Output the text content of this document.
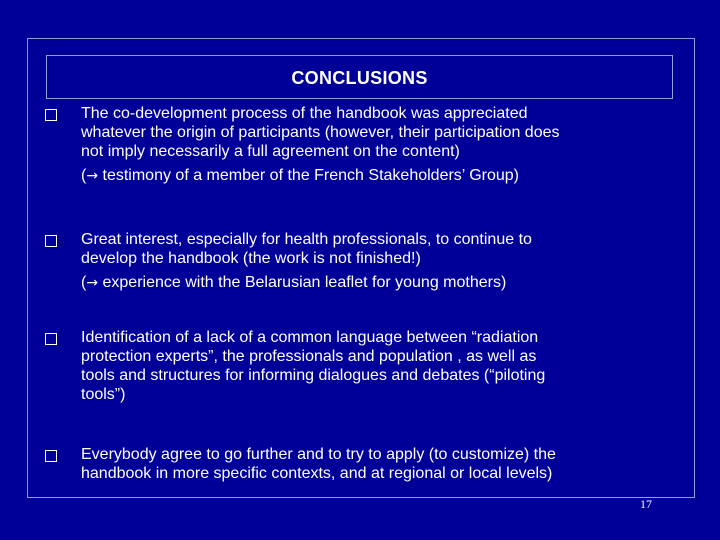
CONCLUSIONS

The co-development process of the handbook was appreciated
whatever the origin of participants (however, their participation does
not imply necessarily a full agreement on the content)
(→ testimony of a member of the French Stakeholders’ Group)

Great interest, especially for health professionals, to continue to
develop the handbook (the work is not finished!)
(→ experience with the Belarusian leaflet for young mothers)

Identification of a lack of a common language between “radiation
protection experts”, the professionals and population , as well as
tools and structures for informing dialogues and debates (“piloting
tools”)

Everybody agree to go further and to try to apply (to customize) the
handbook in more specific contexts, and at regional or local levels)

17
